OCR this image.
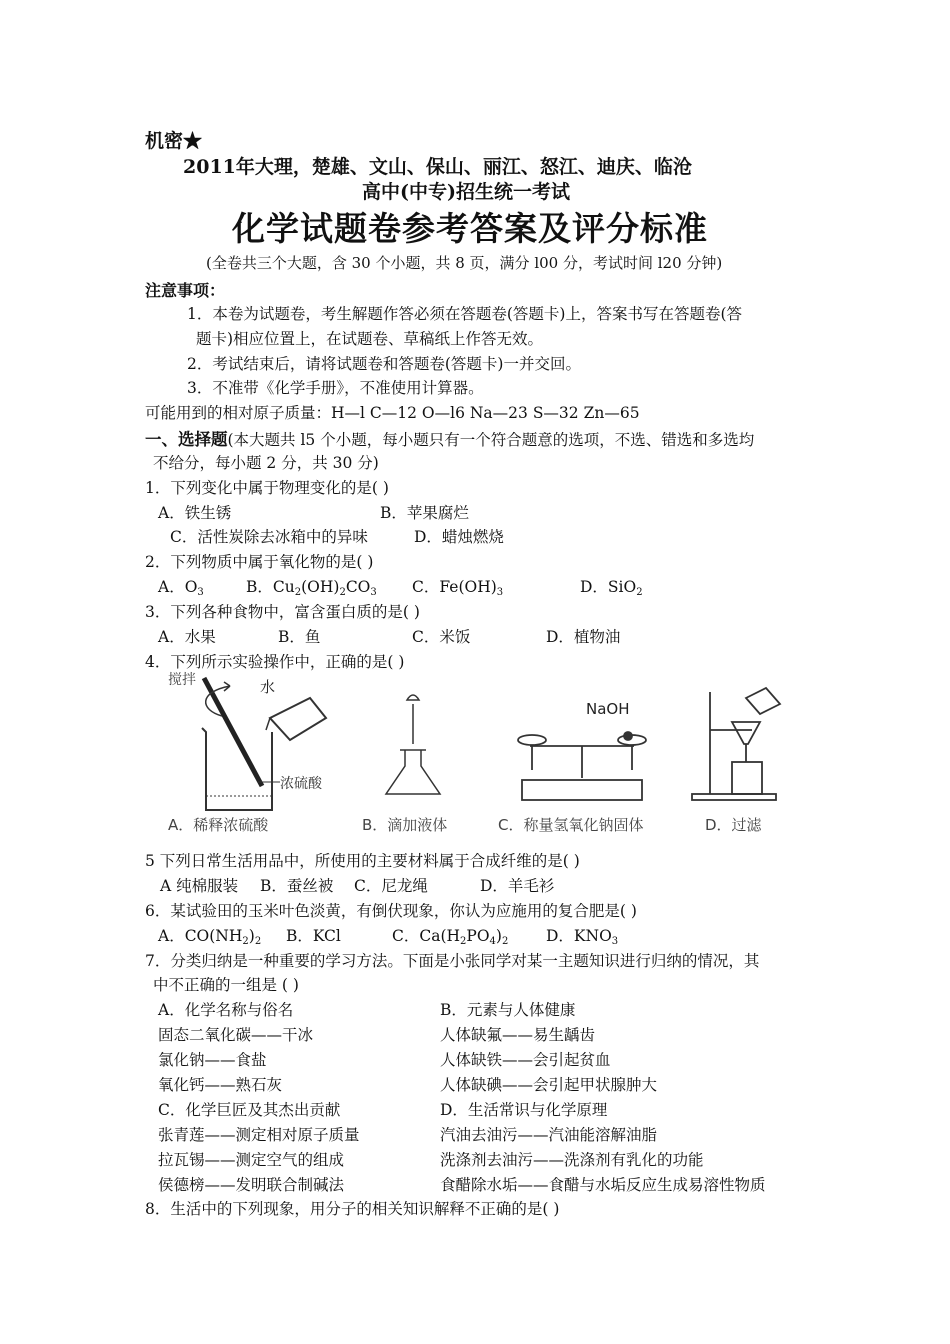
机密★
2011年大理，楚雄、文山、保山、丽江、怒江、迪庆、临沧
高中(中专)招生统一考试
化学试题卷参考答案及评分标准
(全卷共三个大题，含 30 个小题，共 8 页，满分 l00 分，考试时间 l20 分钟)
注意事项：
1．本卷为试题卷，考生解题作答必须在答题卷(答题卡)上，答案书写在答题卷(答
题卡)相应位置上，在试题卷、草稿纸上作答无效。
2．考试结束后，请将试题卷和答题卷(答题卡)一并交回。
3．不准带《化学手册》，不准使用计算器。
可能用到的相对原子质量：H—l C—12 O—l6 Na—23 S—32 Zn—65
一、选择题(本大题共 l5 个小题，每小题只有一个符合题意的选项，不选、错选和多选均
不给分，每小题 2 分，共 30 分)
1．下列变化中属于物理变化的是( )
A．铁生锈	B．苹果腐烂
C．活性炭除去冰箱中的异味	D．蜡烛燃烧
2．下列物质中属于氧化物的是( )
A．$O_3$	B．$Cu_2(OH)_2CO_3$ C．$Fe(OH)_3$	D．SiO$_2$
3．下列各种食物中，富含蛋白质的是( )
A．水果	B．鱼	C．米饭	D．植物油
4．下列所示实验操作中，正确的是( )
搅拌	水
浓硫酸
NaOH
A．稀释浓硫酸	B．滴加液体	C．称量氢氧化钠固体	D．过滤
5 下列日常生活用品中，所使用的主要材料属于合成纤维的是( )
A 纯棉服装 B．蚕丝被 C．尼龙绳	D．羊毛衫
6．某试验田的玉米叶色淡黄，有倒伏现象，你认为应施用的复合肥是( )
A．$CO(NH_2)_2$ B．KCl	C．$Ca(H_2PO_4)_2$ D．$KNO_3$
7．分类归纳是一种重要的学习方法。下面是小张同学对某一主题知识进行归纳的情况，其
中不正确的一组是 ( )
A．化学名称与俗名
固态二氧化碳——干冰
氯化钠——食盐
氧化钙——熟石灰
B．元素与人体健康
人体缺氟——易生龋齿
人体缺铁——会引起贫血
人体缺碘——会引起甲状腺肿大
C．化学巨匠及其杰出贡献
张青莲——测定相对原子质量
拉瓦锡——测定空气的组成
侯德榜——发明联合制碱法
D．生活常识与化学原理
汽油去油污——汽油能溶解油脂
洗涤剂去油污——洗涤剂有乳化的功能
食醋除水垢——食醋与水垢反应生成易溶性物质
8．生活中的下列现象，用分子的相关知识解释不正确的是( )
